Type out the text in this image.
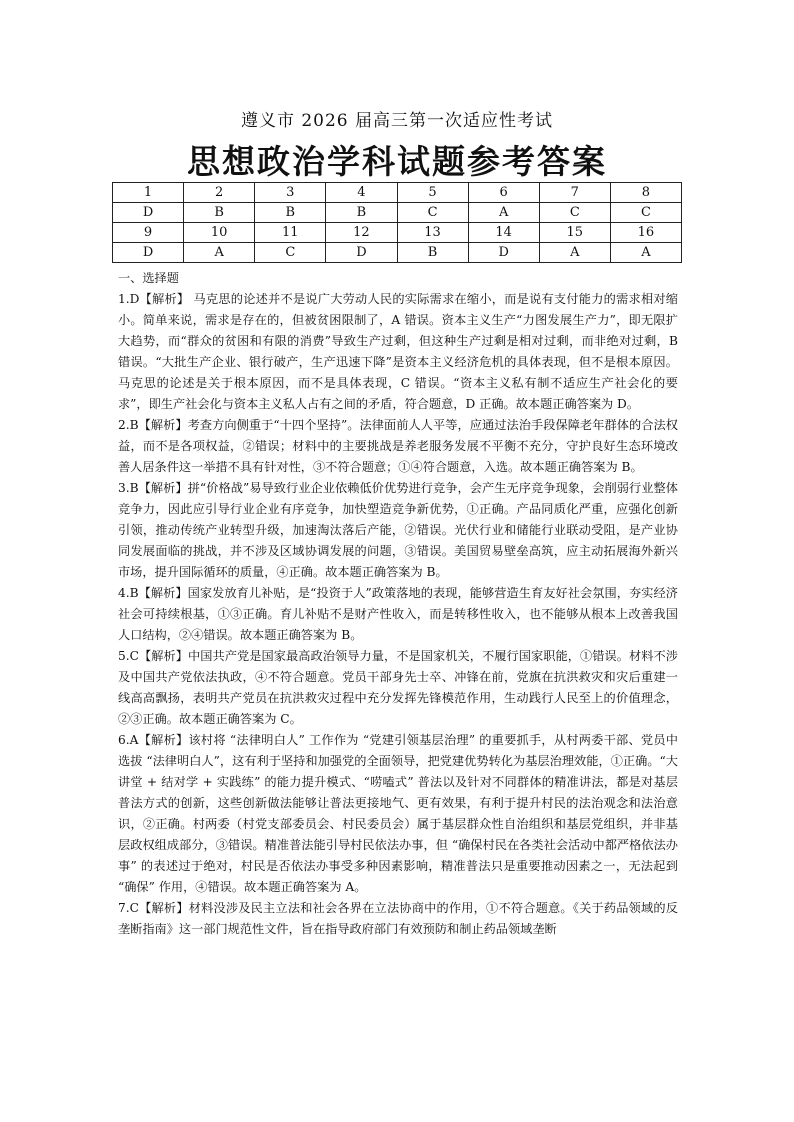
遵义市 2026 届高三第一次适应性考试
思想政治学科试题参考答案
1	2	3	4	5	6	7	8
D	B	B	B	C	A	C	C
9	10	11	12	13	14	15	16
D	A	C	D	B	D	A	A

一、选择题

1.D【解析】 马克思的论述并不是说广大劳动人民的实际需求在缩小，而是说有支付能力的需求相对缩小。简单来说，需求是存在的，但被贫困限制了，A 错误。资本主义生产“力图发展生产力”，即无限扩大趋势，而“群众的贫困和有限的消费”导致生产过剩，但这种生产过剩是相对过剩，而非绝对过剩，B 错误。“大批生产企业、银行破产，生产迅速下降”是资本主义经济危机的具体表现，但不是根本原因。马克思的论述是关于根本原因，而不是具体表现，C 错误。“资本主义私有制不适应生产社会化的要求”，即生产社会化与资本主义私人占有之间的矛盾，符合题意，D 正确。故本题正确答案为 D。

2.B【解析】考查方向侧重于“十四个坚持”。法律面前人人平等，应通过法治手段保障老年群体的合法权益，而不是各项权益，②错误；材料中的主要挑战是养老服务发展不平衡不充分，守护良好生态环境改善人居条件这一举措不具有针对性，③不符合题意；①④符合题意，入选。故本题正确答案为 B。

3.B【解析】拼“价格战”易导致行业企业依赖低价优势进行竞争，会产生无序竞争现象，会削弱行业整体竞争力，因此应引导行业企业有序竞争，加快塑造竞争新优势，①正确。产品同质化严重，应强化创新引领，推动传统产业转型升级，加速淘汰落后产能，②错误。光伏行业和储能行业联动受阻，是产业协同发展面临的挑战，并不涉及区域协调发展的问题，③错误。美国贸易壁垒高筑，应主动拓展海外新兴市场，提升国际循环的质量，④正确。故本题正确答案为 B。

4.B【解析】国家发放育儿补贴，是“投资于人”政策落地的表现，能够营造生育友好社会氛围，夯实经济社会可持续根基，①③正确。育儿补贴不是财产性收入，而是转移性收入，也不能够从根本上改善我国人口结构，②④错误。故本题正确答案为 B。

5.C【解析】中国共产党是国家最高政治领导力量，不是国家机关，不履行国家职能，①错误。材料不涉及中国共产党依法执政，④不符合题意。党员干部身先士卒、冲锋在前，党旗在抗洪救灾和灾后重建一线高高飘扬，表明共产党员在抗洪救灾过程中充分发挥先锋模范作用，生动践行人民至上的价值理念，②③正确。故本题正确答案为 C。

6.A【解析】该村将 “法律明白人” 工作作为 “党建引领基层治理” 的重要抓手，从村两委干部、党员中选拔 “法律明白人”，这有利于坚持和加强党的全面领导，把党建优势转化为基层治理效能，①正确。“大讲堂 + 结对学 + 实践练” 的能力提升模式、“唠嗑式” 普法以及针对不同群体的精准讲法，都是对基层普法方式的创新，这些创新做法能够让普法更接地气、更有效果，有利于提升村民的法治观念和法治意识，②正确。村两委（村党支部委员会、村民委员会）属于基层群众性自治组织和基层党组织，并非基层政权组成部分，③错误。精准普法能引导村民依法办事，但 “确保村民在各类社会活动中都严格依法办事” 的表述过于绝对，村民是否依法办事受多种因素影响，精准普法只是重要推动因素之一，无法起到 “确保” 作用，④错误。故本题正确答案为 A。

7.C【解析】材料没涉及民主立法和社会各界在立法协商中的作用，①不符合题意。《关于药品领域的反垄断指南》这一部门规范性文件，旨在指导政府部门有效预防和制止药品领域垄断
